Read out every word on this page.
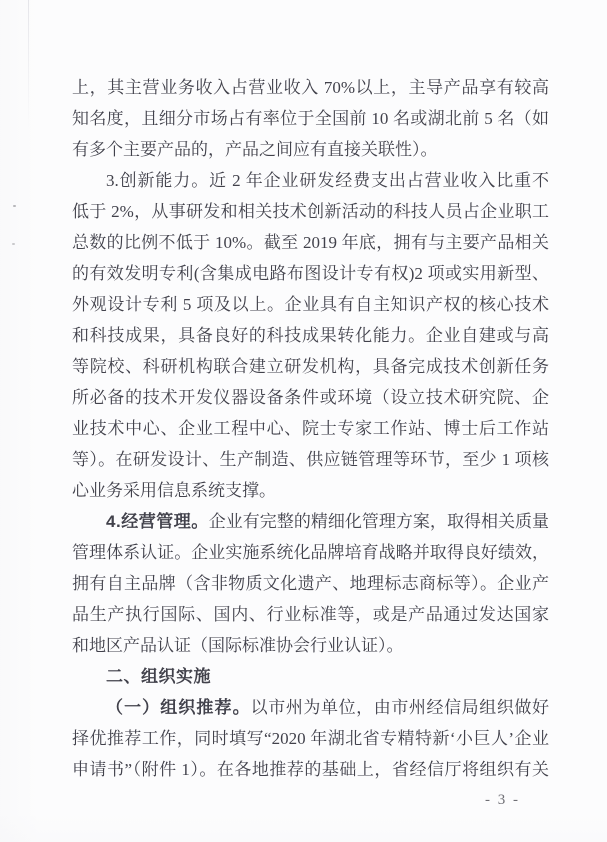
上，其主营业务收入占营业收入 70%以上，主导产品享有较高
知名度，且细分市场占有率位于全国前 10 名或湖北前 5 名（如
有多个主要产品的，产品之间应有直接关联性）。
3.创新能力。近 2 年企业研发经费支出占营业收入比重不
低于 2%，从事研发和相关技术创新活动的科技人员占企业职工
总数的比例不低于 10%。截至 2019 年底，拥有与主要产品相关
的有效发明专利(含集成电路布图设计专有权)2 项或实用新型、
外观设计专利 5 项及以上。企业具有自主知识产权的核心技术
和科技成果，具备良好的科技成果转化能力。企业自建或与高
等院校、科研机构联合建立研发机构，具备完成技术创新任务
所必备的技术开发仪器设备条件或环境（设立技术研究院、企
业技术中心、企业工程中心、院士专家工作站、博士后工作站
等）。在研发设计、生产制造、供应链管理等环节，至少 1 项核
心业务采用信息系统支撑。
4.经营管理。企业有完整的精细化管理方案，取得相关质量
管理体系认证。企业实施系统化品牌培育战略并取得良好绩效，
拥有自主品牌（含非物质文化遗产、地理标志商标等）。企业产
品生产执行国际、国内、行业标准等，或是产品通过发达国家
和地区产品认证（国际标准协会行业认证）。
二、组织实施
（一）组织推荐。以市州为单位，由市州经信局组织做好
择优推荐工作，同时填写“2020 年湖北省专精特新‘小巨人’企业
申请书”（附件 1）。在各地推荐的基础上，省经信厅将组织有关
- 3 -
